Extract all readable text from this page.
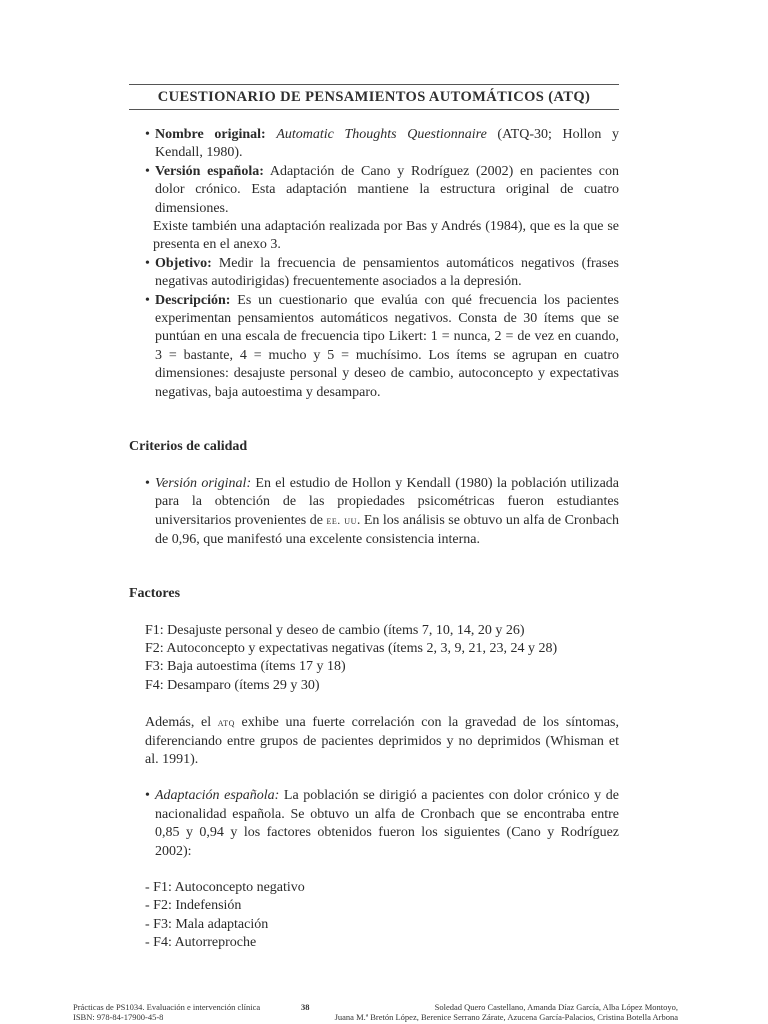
CUESTIONARIO DE PENSAMIENTOS AUTOMÁTICOS (ATQ)
• Nombre original: Automatic Thoughts Questionnaire (ATQ-30; Hollon y Kendall, 1980).
• Versión española: Adaptación de Cano y Rodríguez (2002) en pacientes con dolor crónico. Esta adaptación mantiene la estructura original de cuatro dimensiones.

Existe también una adaptación realizada por Bas y Andrés (1984), que es la que se presenta en el anexo 3.

• Objetivo: Medir la frecuencia de pensamientos automáticos negativos (frases negativas autodirigidas) frecuentemente asociados a la depresión.
• Descripción: Es un cuestionario que evalúa con qué frecuencia los pacientes experimentan pensamientos automáticos negativos. Consta de 30 ítems que se puntúan en una escala de frecuencia tipo Likert: 1 = nunca, 2 = de vez en cuando, 3 = bastante, 4 = mucho y 5 = muchísimo. Los ítems se agrupan en cuatro dimensiones: desajuste personal y deseo de cambio, autoconcepto y expectativas negativas, baja autoestima y desamparo.

Criterios de calidad

• Versión original: En el estudio de Hollon y Kendall (1980) la población utilizada para la obtención de las propiedades psicométricas fueron estudiantes universitarios provenientes de ee. uu. En los análisis se obtuvo un alfa de Cronbach de 0,96, que manifestó una excelente consistencia interna.

Factores

F1: Desajuste personal y deseo de cambio (ítems 7, 10, 14, 20 y 26)

F2: Autoconcepto y expectativas negativas (ítems 2, 3, 9, 21, 23, 24 y 28)

F3: Baja autoestima (ítems 17 y 18)

F4: Desamparo (ítems 29 y 30)

Además, el atq exhibe una fuerte correlación con la gravedad de los síntomas, diferenciando entre grupos de pacientes deprimidos y no deprimidos (Whisman et al. 1991).

• Adaptación española: La población se dirigió a pacientes con dolor crónico y de nacionalidad española. Se obtuvo un alfa de Cronbach que se encontraba entre 0,85 y 0,94 y los factores obtenidos fueron los siguientes (Cano y Rodríguez 2002):

- F1: Autoconcepto negativo

- F2: Indefensión

- F3: Mala adaptación

- F4: Autorreproche

Prácticas de PS1034. Evaluación e intervención clínica
ISBN: 978-84-17900-45-8
38	Soledad Quero Castellano, Amanda Díaz García, Alba López Montoyo,
Juana M.ª Bretón López, Berenice Serrano Zárate, Azucena García-Palacios, Cristina Botella Arbona
